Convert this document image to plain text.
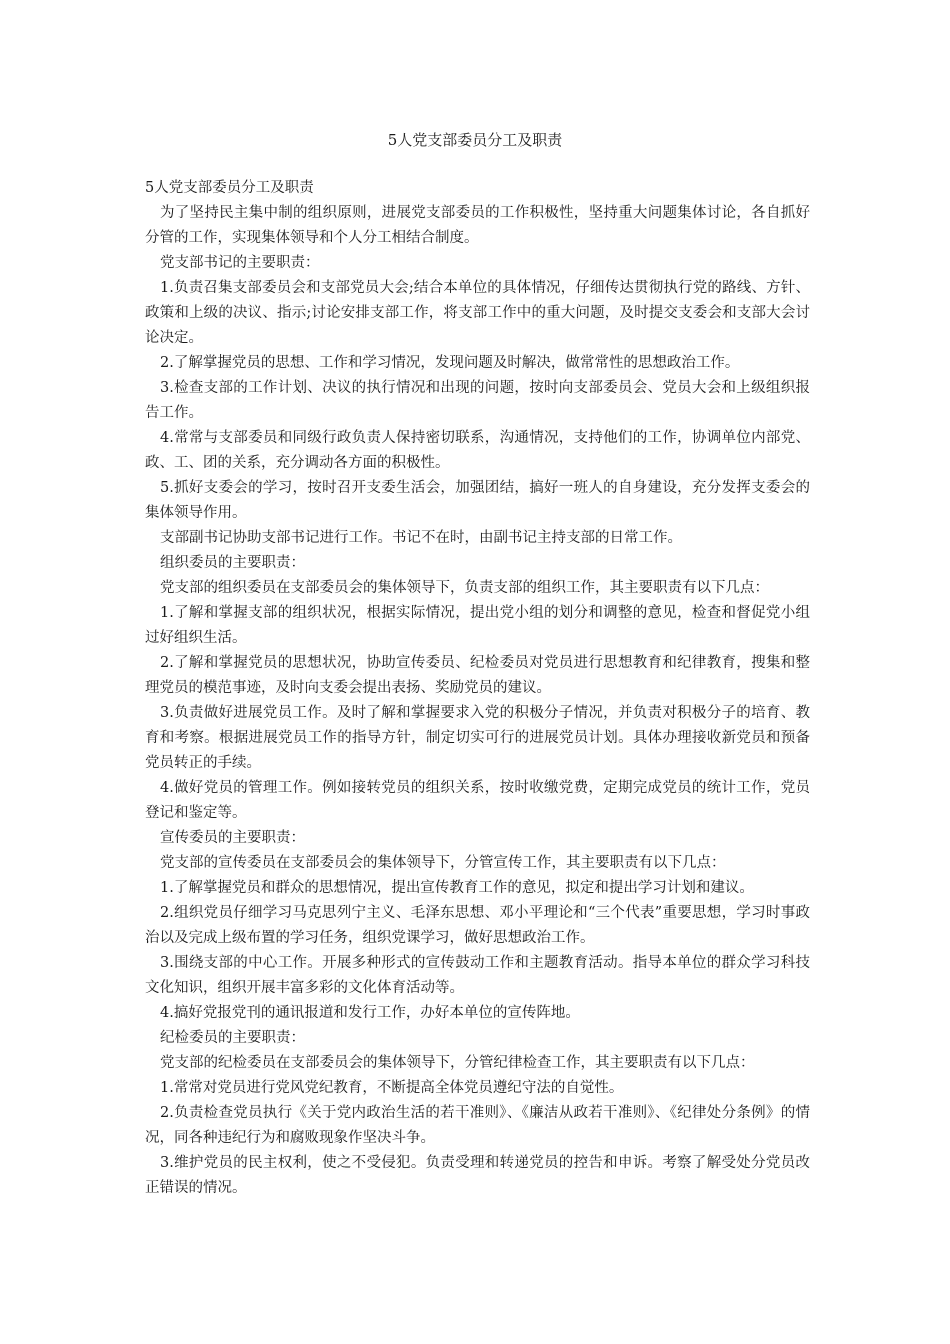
5人党支部委员分工及职责

5人党支部委员分工及职责

为了坚持民主集中制的组织原则，进展党支部委员的工作积极性，坚持重大问题集体讨论，各自抓好分管的工作，实现集体领导和个人分工相结合制度。

党支部书记的主要职责：

1.负责召集支部委员会和支部党员大会;结合本单位的具体情况，仔细传达贯彻执行党的路线、方针、政策和上级的决议、指示;讨论安排支部工作，将支部工作中的重大问题，及时提交支委会和支部大会讨论决定。

2.了解掌握党员的思想、工作和学习情况，发现问题及时解决，做常常性的思想政治工作。

3.检查支部的工作计划、决议的执行情况和出现的问题，按时向支部委员会、党员大会和上级组织报告工作。

4.常常与支部委员和同级行政负责人保持密切联系，沟通情况，支持他们的工作，协调单位内部党、政、工、团的关系，充分调动各方面的积极性。

5.抓好支委会的学习，按时召开支委生活会，加强团结，搞好一班人的自身建设，充分发挥支委会的集体领导作用。

支部副书记协助支部书记进行工作。书记不在时，由副书记主持支部的日常工作。

组织委员的主要职责：

党支部的组织委员在支部委员会的集体领导下，负责支部的组织工作，其主要职责有以下几点：

1.了解和掌握支部的组织状况，根据实际情况，提出党小组的划分和调整的意见，检查和督促党小组过好组织生活。

2.了解和掌握党员的思想状况，协助宣传委员、纪检委员对党员进行思想教育和纪律教育，搜集和整理党员的模范事迹，及时向支委会提出表扬、奖励党员的建议。

3.负责做好进展党员工作。及时了解和掌握要求入党的积极分子情况，并负责对积极分子的培育、教育和考察。根据进展党员工作的指导方针，制定切实可行的进展党员计划。具体办理接收新党员和预备党员转正的手续。

4.做好党员的管理工作。例如接转党员的组织关系，按时收缴党费，定期完成党员的统计工作，党员登记和鉴定等。

宣传委员的主要职责：

党支部的宣传委员在支部委员会的集体领导下，分管宣传工作，其主要职责有以下几点：

1.了解掌握党员和群众的思想情况，提出宣传教育工作的意见，拟定和提出学习计划和建议。

2.组织党员仔细学习马克思列宁主义、毛泽东思想、邓小平理论和“三个代表”重要思想，学习时事政治以及完成上级布置的学习任务，组织党课学习，做好思想政治工作。

3.围绕支部的中心工作。开展多种形式的宣传鼓动工作和主题教育活动。指导本单位的群众学习科技文化知识，组织开展丰富多彩的文化体育活动等。

4.搞好党报党刊的通讯报道和发行工作，办好本单位的宣传阵地。

纪检委员的主要职责：

党支部的纪检委员在支部委员会的集体领导下，分管纪律检查工作，其主要职责有以下几点：

1.常常对党员进行党风党纪教育，不断提高全体党员遵纪守法的自觉性。

2.负责检查党员执行《关于党内政治生活的若干准则》、《廉洁从政若干准则》、《纪律处分条例》的情况，同各种违纪行为和腐败现象作坚决斗争。

3.维护党员的民主权利，使之不受侵犯。负责受理和转递党员的控告和申诉。考察了解受处分党员改正错误的情况。
